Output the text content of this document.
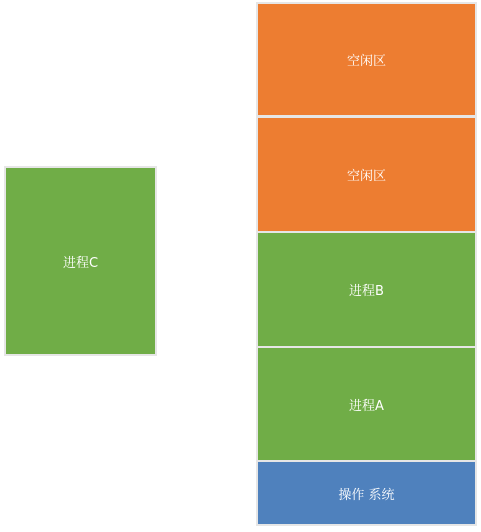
进程C
空闲区
空闲区
进程B
进程A
操作 系统
